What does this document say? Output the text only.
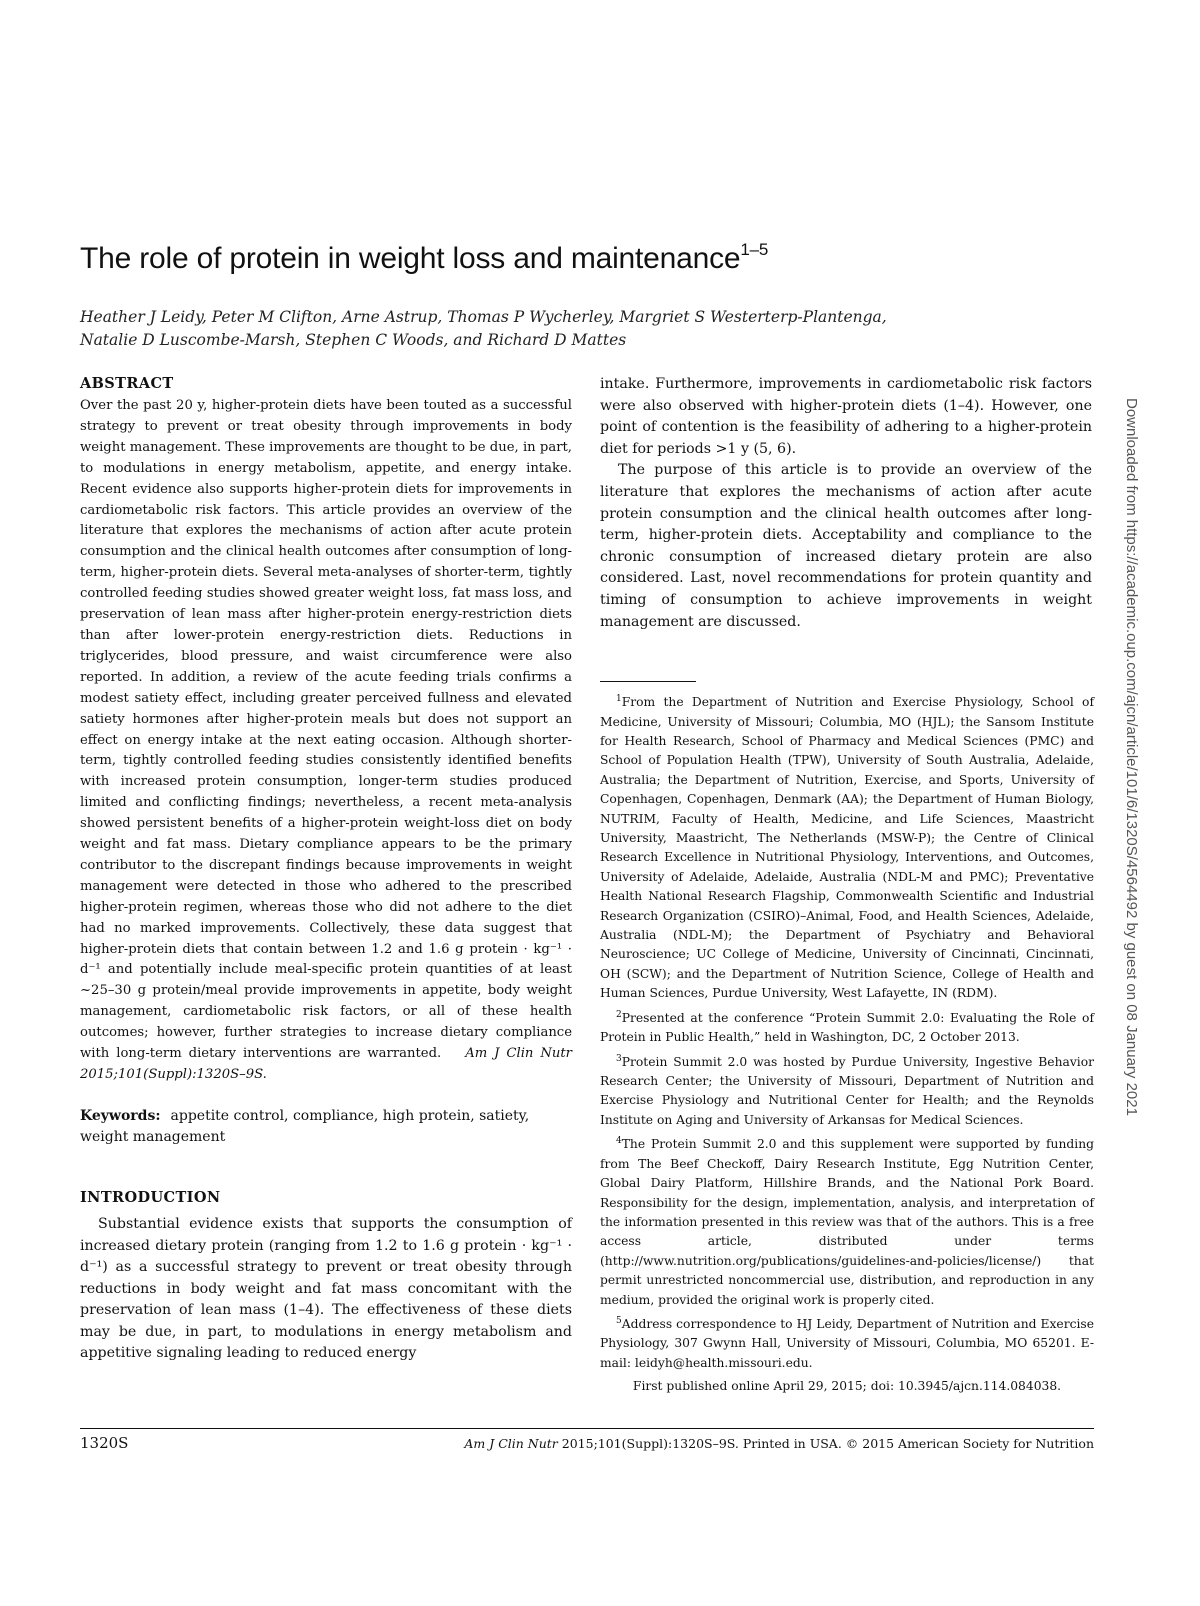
The role of protein in weight loss and maintenance$^{1-5}$
Heather J Leidy, Peter M Clifton, Arne Astrup, Thomas P Wycherley, Margriet S Westerterp-Plantenga,
Natalie D Luscombe-Marsh, Stephen C Woods, and Richard D Mattes
ABSTRACT

Over the past 20 y, higher-protein diets have been touted as a successful strategy to prevent or treat obesity through improvements in body weight management. These improvements are thought to be due, in part, to modulations in energy metabolism, appetite, and energy intake. Recent evidence also supports higher-protein diets for improvements in cardiometabolic risk factors. This article provides an overview of the literature that explores the mechanisms of action after acute protein consumption and the clinical health outcomes after consumption of long-term, higher-protein diets. Several meta-analyses of shorter-term, tightly controlled feeding studies showed greater weight loss, fat mass loss, and preservation of lean mass after higher-protein energy-restriction diets than after lower-protein energy-restriction diets. Reductions in triglycerides, blood pressure, and waist circumference were also reported. In addition, a review of the acute feeding trials confirms a modest satiety effect, including greater perceived fullness and elevated satiety hormones after higher-protein meals but does not support an effect on energy intake at the next eating occasion. Although shorter-term, tightly controlled feeding studies consistently identified benefits with increased protein consumption, longer-term studies produced limited and conflicting findings; nevertheless, a recent meta-analysis showed persistent benefits of a higher-protein weight-loss diet on body weight and fat mass. Dietary compliance appears to be the primary contributor to the discrepant findings because improvements in weight management were detected in those who adhered to the prescribed higher-protein regimen, whereas those who did not adhere to the diet had no marked improvements. Collectively, these data suggest that higher-protein diets that contain between 1.2 and 1.6 g protein · kg⁻¹ · d⁻¹ and potentially include meal-specific protein quantities of at least ~25–30 g protein/meal provide improvements in appetite, body weight management, cardiometabolic risk factors, or all of these health outcomes; however, further strategies to increase dietary compliance with long-term dietary interventions are warranted. Am J Clin Nutr 2015;101(Suppl):1320S–9S.

Keywords: appetite control, compliance, high protein, satiety, weight management
INTRODUCTION

Substantial evidence exists that supports the consumption of increased dietary protein (ranging from 1.2 to 1.6 g protein · kg⁻¹ · d⁻¹) as a successful strategy to prevent or treat obesity through reductions in body weight and fat mass concomitant with the preservation of lean mass (1–4). The effectiveness of these diets may be due, in part, to modulations in energy metabolism and appetitive signaling leading to reduced energy

intake. Furthermore, improvements in cardiometabolic risk factors were also observed with higher-protein diets (1–4). However, one point of contention is the feasibility of adhering to a higher-protein diet for periods >1 y (5, 6).

The purpose of this article is to provide an overview of the literature that explores the mechanisms of action after acute protein consumption and the clinical health outcomes after long-term, higher-protein diets. Acceptability and compliance to the chronic consumption of increased dietary protein are also considered. Last, novel recommendations for protein quantity and timing of consumption to achieve improvements in weight management are discussed.

$^1$From the Department of Nutrition and Exercise Physiology, School of Medicine, University of Missouri; Columbia, MO (HJL); the Sansom Institute for Health Research, School of Pharmacy and Medical Sciences (PMC) and School of Population Health (TPW), University of South Australia, Adelaide, Australia; the Department of Nutrition, Exercise, and Sports, University of Copenhagen, Copenhagen, Denmark (AA); the Department of Human Biology, NUTRIM, Faculty of Health, Medicine, and Life Sciences, Maastricht University, Maastricht, The Netherlands (MSW-P); the Centre of Clinical Research Excellence in Nutritional Physiology, Interventions, and Outcomes, University of Adelaide, Adelaide, Australia (NDL-M and PMC); Preventative Health National Research Flagship, Commonwealth Scientific and Industrial Research Organization (CSIRO)–Animal, Food, and Health Sciences, Adelaide, Australia (NDL-M); the Department of Psychiatry and Behavioral Neuroscience; UC College of Medicine, University of Cincinnati, Cincinnati, OH (SCW); and the Department of Nutrition Science, College of Health and Human Sciences, Purdue University, West Lafayette, IN (RDM).

$^2$Presented at the conference “Protein Summit 2.0: Evaluating the Role of Protein in Public Health,” held in Washington, DC, 2 October 2013.

$^3$Protein Summit 2.0 was hosted by Purdue University, Ingestive Behavior Research Center; the University of Missouri, Department of Nutrition and Exercise Physiology and Nutritional Center for Health; and the Reynolds Institute on Aging and University of Arkansas for Medical Sciences.

$^4$The Protein Summit 2.0 and this supplement were supported by funding from The Beef Checkoff, Dairy Research Institute, Egg Nutrition Center, Global Dairy Platform, Hillshire Brands, and the National Pork Board. Responsibility for the design, implementation, analysis, and interpretation of the information presented in this review was that of the authors. This is a free access article, distributed under terms (http://www.nutrition.org/publications/guidelines-and-policies/license/) that permit unrestricted noncommercial use, distribution, and reproduction in any medium, provided the original work is properly cited.

$^5$Address correspondence to HJ Leidy, Department of Nutrition and Exercise Physiology, 307 Gwynn Hall, University of Missouri, Columbia, MO 65201. E-mail: leidyh@health.missouri.edu.

First published online April 29, 2015; doi: 10.3945/ajcn.114.084038.

1320S	Am J Clin Nutr 2015;101(Suppl):1320S–9S. Printed in USA. © 2015 American Society for Nutrition
Downloaded from https://academic.oup.com/ajcn/article/101/6/1320S/4564492 by guest on 08 January 2021
